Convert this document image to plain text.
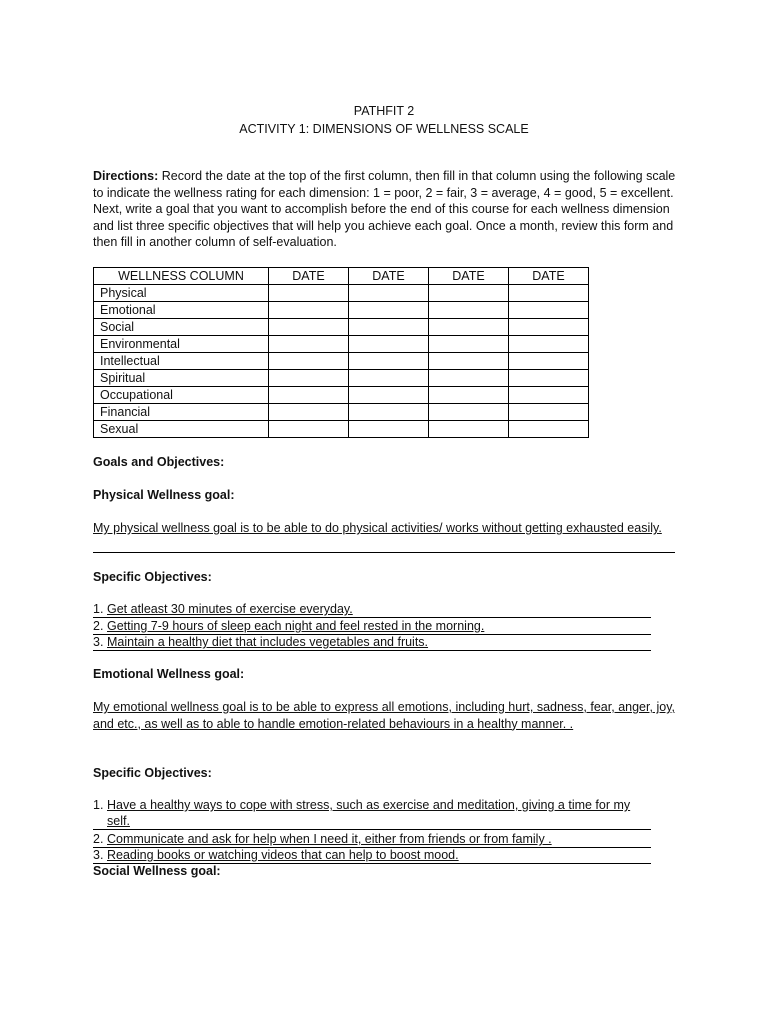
PATHFIT 2
ACTIVITY 1: DIMENSIONS OF WELLNESS SCALE
Directions: Record the date at the top of the first column, then fill in that column using the following scale to indicate the wellness rating for each dimension: 1 = poor, 2 = fair, 3 = average, 4 = good, 5 = excellent. Next, write a goal that you want to accomplish before the end of this course for each wellness dimension and list three specific objectives that will help you achieve each goal. Once a month, review this form and then fill in another column of self-evaluation.
WELLNESS COLUMN	DATE	DATE	DATE	DATE
Physical				
Emotional				
Social				
Environmental				
Intellectual				
Spiritual				
Occupational				
Financial				
Sexual				
Goals and Objectives:
Physical Wellness goal:
My physical wellness goal is to be able to do physical activities/ works without getting exhausted easily.
Specific Objectives:
1. Get atleast 30 minutes of exercise everyday.
2. Getting 7-9 hours of sleep each night and feel rested in the morning.
3. Maintain a healthy diet that includes vegetables and fruits.
Emotional Wellness goal:
My emotional wellness goal is to be able to express all emotions, including hurt, sadness, fear, anger, joy, and etc., as well as to able to handle emotion-related behaviours in a healthy manner. .
Specific Objectives:
1. Have a healthy ways to cope with stress, such as exercise and meditation, giving a time for my
self.
2. Communicate and ask for help when I need it, either from friends or from family .
3. Reading books or watching videos that can help to boost mood.
Social Wellness goal:
